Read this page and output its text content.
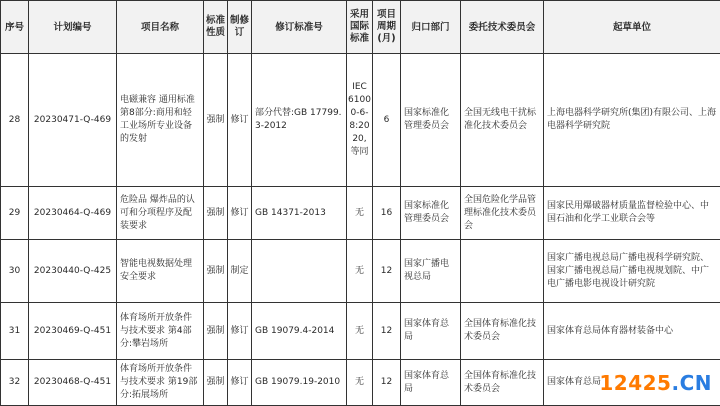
序号	计划编号	项目名称	标准性质	制修订	修订标准号	采用国际标准	项目周期(月)	归口部门	委托技术委员会	起草单位
28	20230471-Q-469	电磁兼容 通用标准 第8部分:商用和轻工业场所专业设备的发射	强制	修订	部分代替:GB 17799.3-2012	IEC 61000-6-8:2020,等同	6	国家标准化管理委员会	全国无线电干扰标准化技术委员会	上海电器科学研究所(集团)有限公司、上海电器科学研究院

29	20230464-Q-469	危险品 爆炸品的认可和分项程序及配装要求	强制	修订	GB 14371-2013	无	16	国家标准化管理委员会	全国危险化学品管理标准化技术委员会	国家民用爆破器材质量监督检验中心、中国石油和化学工业联合会等

30	20230440-Q-425	智能电视数据处理安全要求	强制	制定		无	12	国家广播电视总局		国家广播电视总局广播电视科学研究院、国家广播电视总局广播电视规划院、中广电广播电影电视设计研究院

31	20230469-Q-451	体育场所开放条件与技术要求 第4部分:攀岩场所	强制	修订	GB 19079.4-2014	无	12	国家体育总局	全国体育标准化技术委员会	国家体育总局体育器材装备中心

32	20230468-Q-451	体育场所开放条件与技术要求 第19部分:拓展场所	强制	修订	GB 19079.19-2010	无	12	国家体育总局	全国体育标准化技术委员会	国家体育总局
12425.CN
